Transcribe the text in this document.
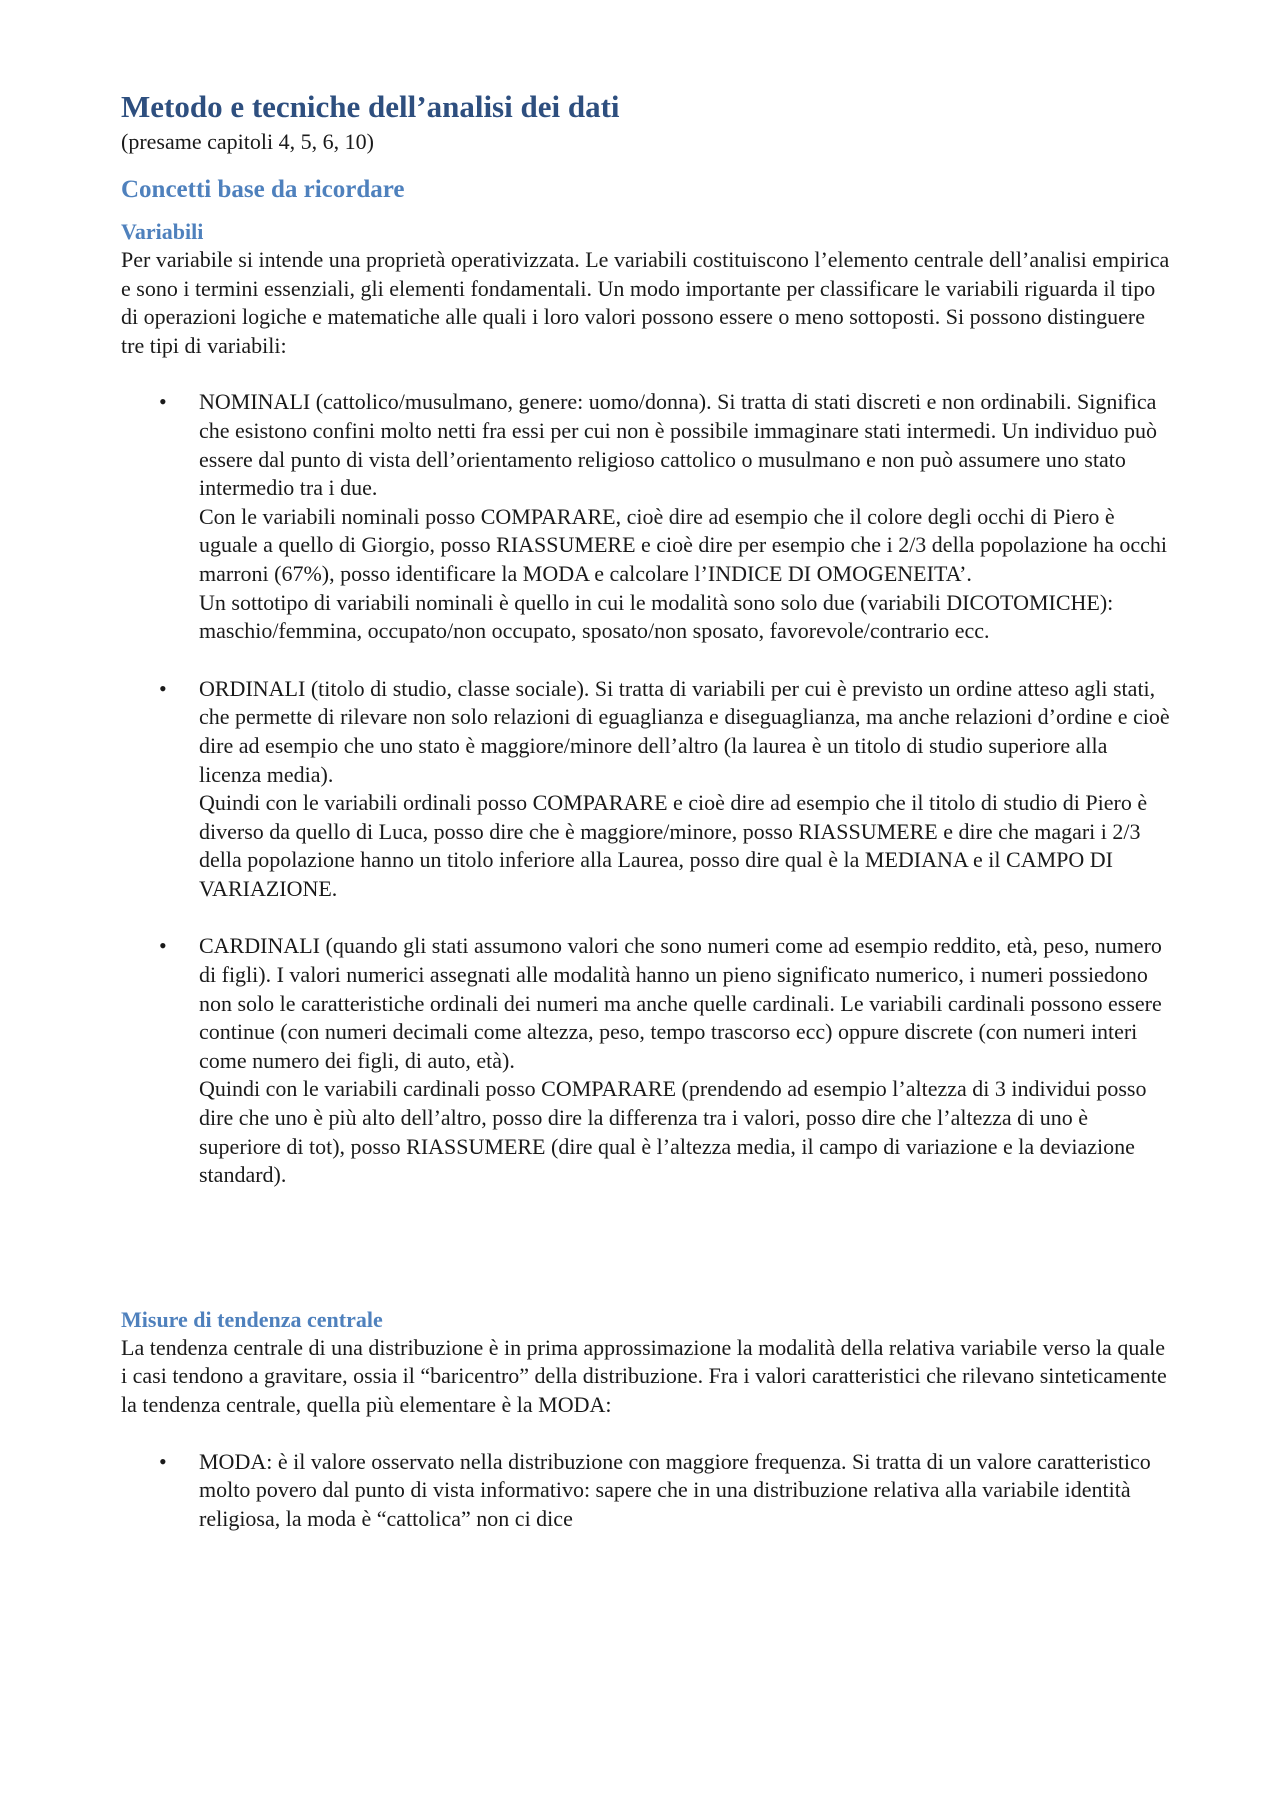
Metodo e tecniche dell’analisi dei dati

(presame capitoli 4, 5, 6, 10)

Concetti base da ricordare
Variabili

Per variabile si intende una proprietà operativizzata. Le variabili costituiscono l’elemento centrale dell’analisi empirica e sono i termini essenziali, gli elementi fondamentali. Un modo importante per classificare le variabili riguarda il tipo di operazioni logiche e matematiche alle quali i loro valori possono essere o meno sottoposti. Si possono distinguere tre tipi di variabili:

• NOMINALI (cattolico/musulmano, genere: uomo/donna). Si tratta di stati discreti e non ordinabili. Significa che esistono confini molto netti fra essi per cui non è possibile immaginare stati intermedi. Un individuo può essere dal punto di vista dell’orientamento religioso cattolico o musulmano e non può assumere uno stato intermedio tra i due.

Con le variabili nominali posso COMPARARE, cioè dire ad esempio che il colore degli occhi di Piero è uguale a quello di Giorgio, posso RIASSUMERE e cioè dire per esempio che i 2/3 della popolazione ha occhi marroni (67%), posso identificare la MODA e calcolare l’INDICE DI OMOGENEITA’.

Un sottotipo di variabili nominali è quello in cui le modalità sono solo due (variabili DICOTOMICHE): maschio/femmina, occupato/non occupato, sposato/non sposato, favorevole/contrario ecc.

• ORDINALI (titolo di studio, classe sociale). Si tratta di variabili per cui è previsto un ordine atteso agli stati, che permette di rilevare non solo relazioni di eguaglianza e diseguaglianza, ma anche relazioni d’ordine e cioè dire ad esempio che uno stato è maggiore/minore dell’altro (la laurea è un titolo di studio superiore alla licenza media).

Quindi con le variabili ordinali posso COMPARARE e cioè dire ad esempio che il titolo di studio di Piero è diverso da quello di Luca, posso dire che è maggiore/minore, posso RIASSUMERE e dire che magari i 2/3 della popolazione hanno un titolo inferiore alla Laurea, posso dire qual è la MEDIANA e il CAMPO DI VARIAZIONE.

• CARDINALI (quando gli stati assumono valori che sono numeri come ad esempio reddito, età, peso, numero di figli). I valori numerici assegnati alle modalità hanno un pieno significato numerico, i numeri possiedono non solo le caratteristiche ordinali dei numeri ma anche quelle cardinali. Le variabili cardinali possono essere continue (con numeri decimali come altezza, peso, tempo trascorso ecc) oppure discrete (con numeri interi come numero dei figli, di auto, età).

Quindi con le variabili cardinali posso COMPARARE (prendendo ad esempio l’altezza di 3 individui posso dire che uno è più alto dell’altro, posso dire la differenza tra i valori, posso dire che l’altezza di uno è superiore di tot), posso RIASSUMERE (dire qual è l’altezza media, il campo di variazione e la deviazione standard).

Misure di tendenza centrale

La tendenza centrale di una distribuzione è in prima approssimazione la modalità della relativa variabile verso la quale i casi tendono a gravitare, ossia il “baricentro” della distribuzione. Fra i valori caratteristici che rilevano sinteticamente la tendenza centrale, quella più elementare è la MODA:

• MODA: è il valore osservato nella distribuzione con maggiore frequenza. Si tratta di un valore caratteristico molto povero dal punto di vista informativo: sapere che in una distribuzione relativa alla variabile identità religiosa, la moda è “cattolica” non ci dice
